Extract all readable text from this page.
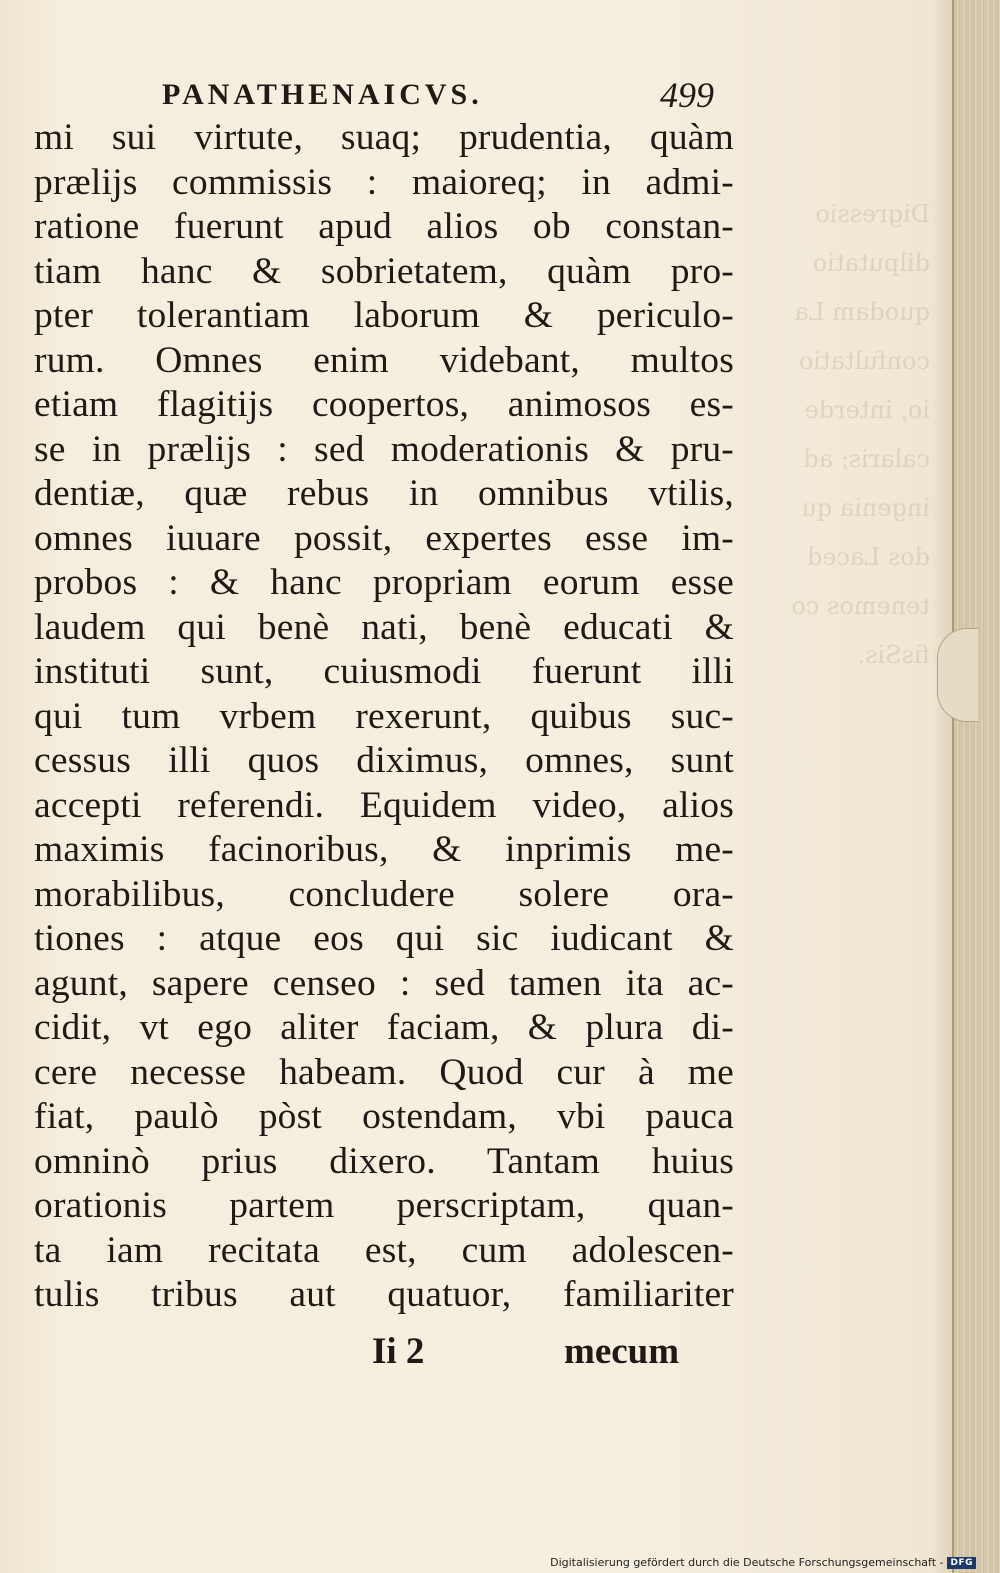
Digressio
dilputatio
quodam La
confultatio
io, interde
calaris; ad
ingenia qu
dos Laced
tenemos co
fisSis.
PANATHENAICVS.	499
mi sui virtute, suaq; prudentia, quàm
prælijs commissis : maioreq; in admi-
ratione fuerunt apud alios ob constan-
tiam hanc & sobrietatem, quàm pro-
pter tolerantiam laborum & periculo-
rum. Omnes enim videbant, multos
etiam flagitijs coopertos, animosos es-
se in prælijs : sed moderationis & pru-
dentiæ, quæ rebus in omnibus vtilis,
omnes iuuare possit, expertes esse im-
probos : & hanc propriam eorum esse
laudem qui benè nati, benè educati &
instituti sunt, cuiusmodi fuerunt illi
qui tum vrbem rexerunt, quibus suc-
cessus illi quos diximus, omnes, sunt
accepti referendi. Equidem video, alios
maximis facinoribus, & inprimis me-
morabilibus, concludere solere ora-
tiones : atque eos qui sic iudicant &
agunt, sapere censeo : sed tamen ita ac-
cidit, vt ego aliter faciam, & plura di-
cere necesse habeam. Quod cur à me
fiat, paulò pòst ostendam, vbi pauca
omninò prius dixero. Tantam huius
orationis partem perscriptam, quan-
ta iam recitata est, cum adolescen-
tulis tribus aut quatuor, familiariter
Ii 2	mecum
Digitalisierung gefördert durch die Deutsche Forschungsgemeinschaft - DFG
